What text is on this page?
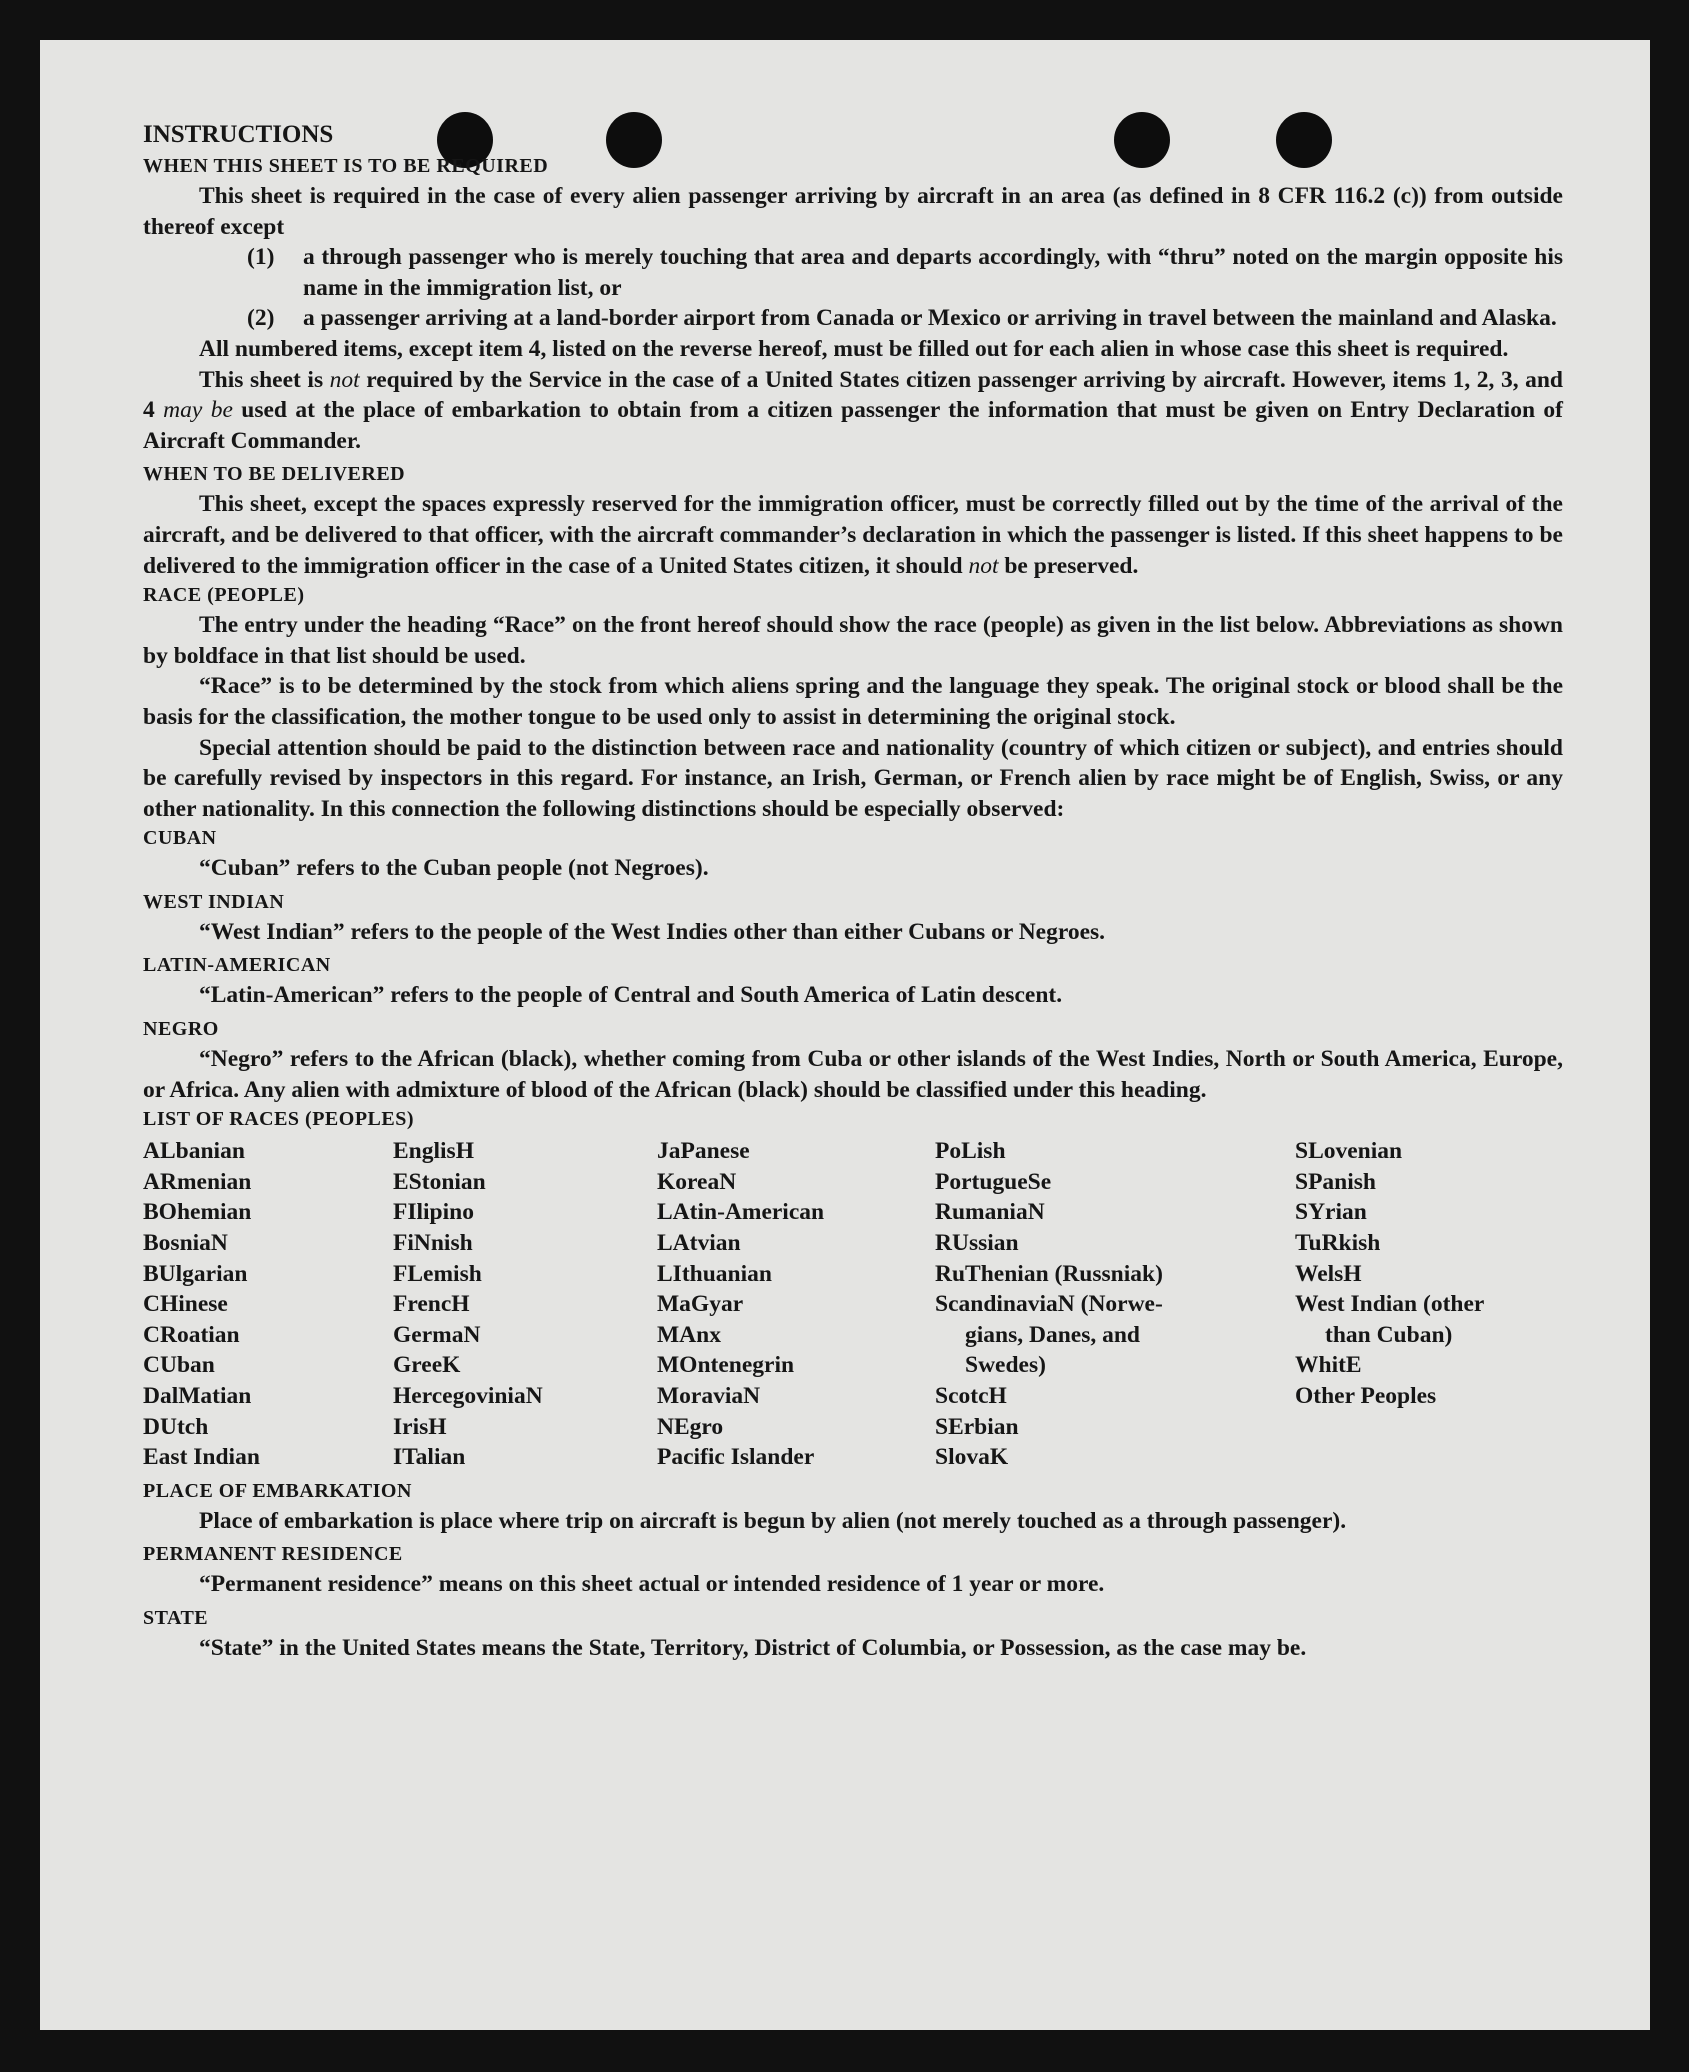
INSTRUCTIONS

WHEN THIS SHEET IS TO BE REQUIRED

This sheet is required in the case of every alien passenger arriving by aircraft in an area (as defined in 8 CFR 116.2 (c)) from outside thereof except

(1) a through passenger who is merely touching that area and departs accordingly, with “thru” noted on the margin opposite his name in the immigration list, or

(2) a passenger arriving at a land-border airport from Canada or Mexico or arriving in travel between the mainland and Alaska.

All numbered items, except item 4, listed on the reverse hereof, must be filled out for each alien in whose case this sheet is required.

This sheet is not required by the Service in the case of a United States citizen passenger arriving by aircraft. However, items 1, 2, 3, and 4 may be used at the place of embarkation to obtain from a citizen passenger the information that must be given on Entry Declaration of Aircraft Commander.

WHEN TO BE DELIVERED

This sheet, except the spaces expressly reserved for the immigration officer, must be correctly filled out by the time of the arrival of the aircraft, and be delivered to that officer, with the aircraft commander’s declaration in which the passenger is listed. If this sheet happens to be delivered to the immigration officer in the case of a United States citizen, it should not be preserved.

RACE (PEOPLE)

The entry under the heading “Race” on the front hereof should show the race (people) as given in the list below. Abbreviations as shown by boldface in that list should be used.

“Race” is to be determined by the stock from which aliens spring and the language they speak. The original stock or blood shall be the basis for the classification, the mother tongue to be used only to assist in determining the original stock.

Special attention should be paid to the distinction between race and nationality (country of which citizen or subject), and entries should be carefully revised by inspectors in this regard. For instance, an Irish, German, or French alien by race might be of English, Swiss, or any other nationality. In this connection the following distinctions should be especially observed:

CUBAN

“Cuban” refers to the Cuban people (not Negroes).

WEST INDIAN

“West Indian” refers to the people of the West Indies other than either Cubans or Negroes.

LATIN-AMERICAN

“Latin-American” refers to the people of Central and South America of Latin descent.

NEGRO

“Negro” refers to the African (black), whether coming from Cuba or other islands of the West Indies, North or South America, Europe, or Africa. Any alien with admixture of blood of the African (black) should be classified under this heading.

LIST OF RACES (PEOPLES)

ALbanian
ARmenian
BOhemian
BosniaN
BUlgarian
CHinese
CRoatian
CUban
DalMatian
DUtch
East Indian
EnglisH
EStonian
FIlipino
FiNnish
FLemish
FrencH
GermaN
GreeK
HercegoviniaN
IrisH
ITalian
JaPanese
KoreaN
LAtin-American
LAtvian
LIthuanian
MaGyar
MAnx
MOntenegrin
MoraviaN
NEgro
Pacific Islander
PoLish
PortugueSe
RumaniaN
RUssian
RuThenian (Russniak)
ScandinaviaN (Norwe-
gians, Danes, and
Swedes)
ScotcH
SErbian
SlovaK
SLovenian
SPanish
SYrian
TuRkish
WelsH
West Indian (other
than Cuban)
WhitE
Other Peoples

PLACE OF EMBARKATION

Place of embarkation is place where trip on aircraft is begun by alien (not merely touched as a through passenger).

PERMANENT RESIDENCE

“Permanent residence” means on this sheet actual or intended residence of 1 year or more.

STATE

“State” in the United States means the State, Territory, District of Columbia, or Possession, as the case may be.
